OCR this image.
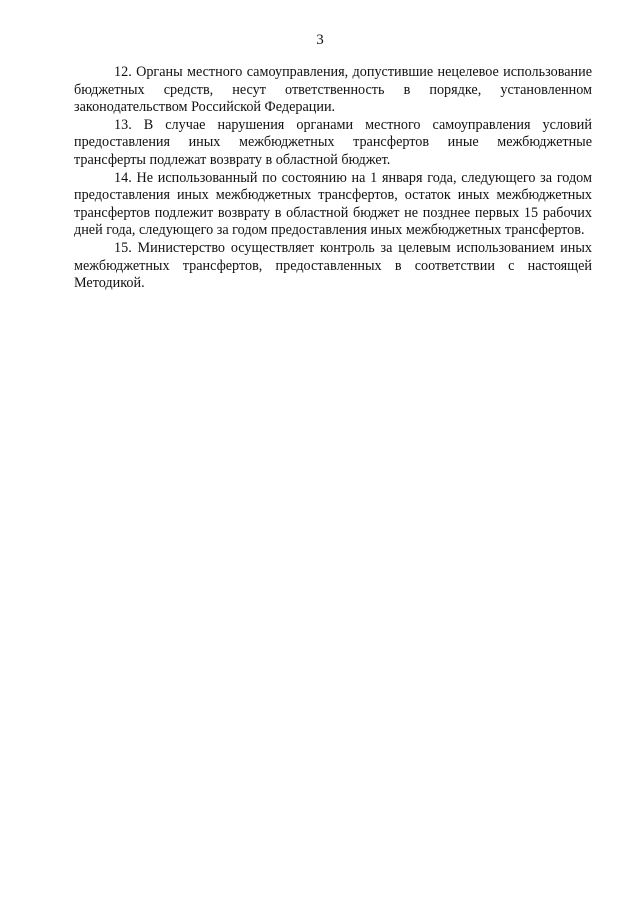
3

12. Органы местного самоуправления, допустившие нецелевое использование бюджетных средств, несут ответственность в порядке, установленном законодательством Российской Федерации.

13. В случае нарушения органами местного самоуправления условий предоставления иных межбюджетных трансфертов иные межбюджетные трансферты подлежат возврату в областной бюджет.

14. Не использованный по состоянию на 1 января года, следующего за годом предоставления иных межбюджетных трансфертов, остаток иных межбюджетных трансфертов подлежит возврату в областной бюджет не позднее первых 15 рабочих дней года, следующего за годом предоставления иных межбюджетных трансфертов.

15. Министерство осуществляет контроль за целевым использованием иных межбюджетных трансфертов, предоставленных в соответствии с настоящей Методикой.
